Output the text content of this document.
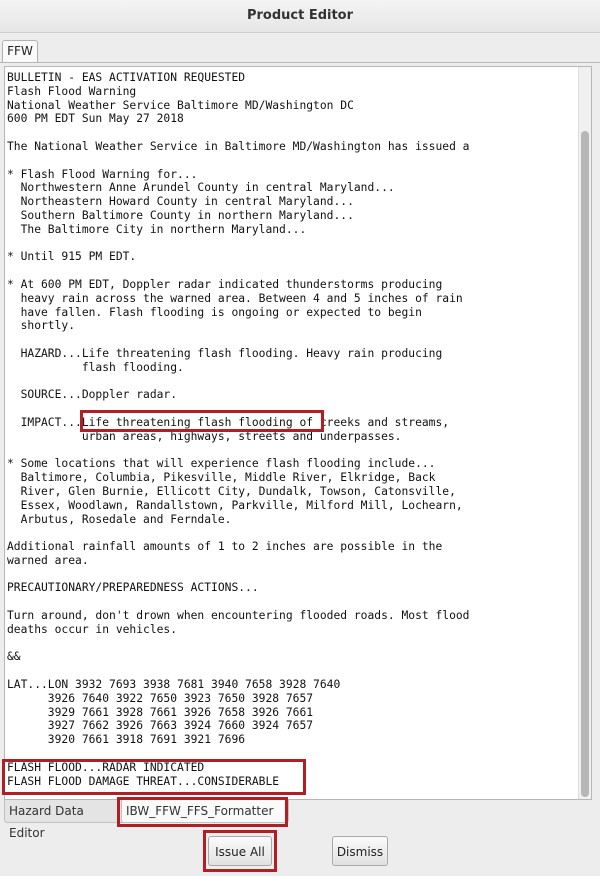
Product Editor
FFW
BULLETIN - EAS ACTIVATION REQUESTED
Flash Flood Warning
National Weather Service Baltimore MD/Washington DC
600 PM EDT Sun May 27 2018

The National Weather Service in Baltimore MD/Washington has issued a

* Flash Flood Warning for...
Northwestern Anne Arundel County in central Maryland...
Northeastern Howard County in central Maryland...
Southern Baltimore County in northern Maryland...
The Baltimore City in northern Maryland...

* Until 915 PM EDT.

* At 600 PM EDT, Doppler radar indicated thunderstorms producing
heavy rain across the warned area. Between 4 and 5 inches of rain
have fallen. Flash flooding is ongoing or expected to begin
shortly.

HAZARD...Life threatening flash flooding. Heavy rain producing
flash flooding.

SOURCE...Doppler radar.

IMPACT...Life threatening flash flooding of creeks and streams,
urban areas, highways, streets and underpasses.

* Some locations that will experience flash flooding include...
Baltimore, Columbia, Pikesville, Middle River, Elkridge, Back
River, Glen Burnie, Ellicott City, Dundalk, Towson, Catonsville,
Essex, Woodlawn, Randallstown, Parkville, Milford Mill, Lochearn,
Arbutus, Rosedale and Ferndale.

Additional rainfall amounts of 1 to 2 inches are possible in the
warned area.

PRECAUTIONARY/PREPAREDNESS ACTIONS...

Turn around, don't drown when encountering flooded roads. Most flood
deaths occur in vehicles.

&&

LAT...LON 3932 7693 3938 7681 3940 7658 3928 7640
3926 7640 3922 7650 3923 7650 3928 7657
3929 7661 3928 7661 3926 7658 3926 7661
3927 7662 3926 7663 3924 7660 3924 7657
3920 7661 3918 7691 3921 7696

FLASH FLOOD...RADAR INDICATED
FLASH FLOOD DAMAGE THREAT...CONSIDERABLE
Hazard Data Editor
IBW_FFW_FFS_Formatter
Issue All	Dismiss
